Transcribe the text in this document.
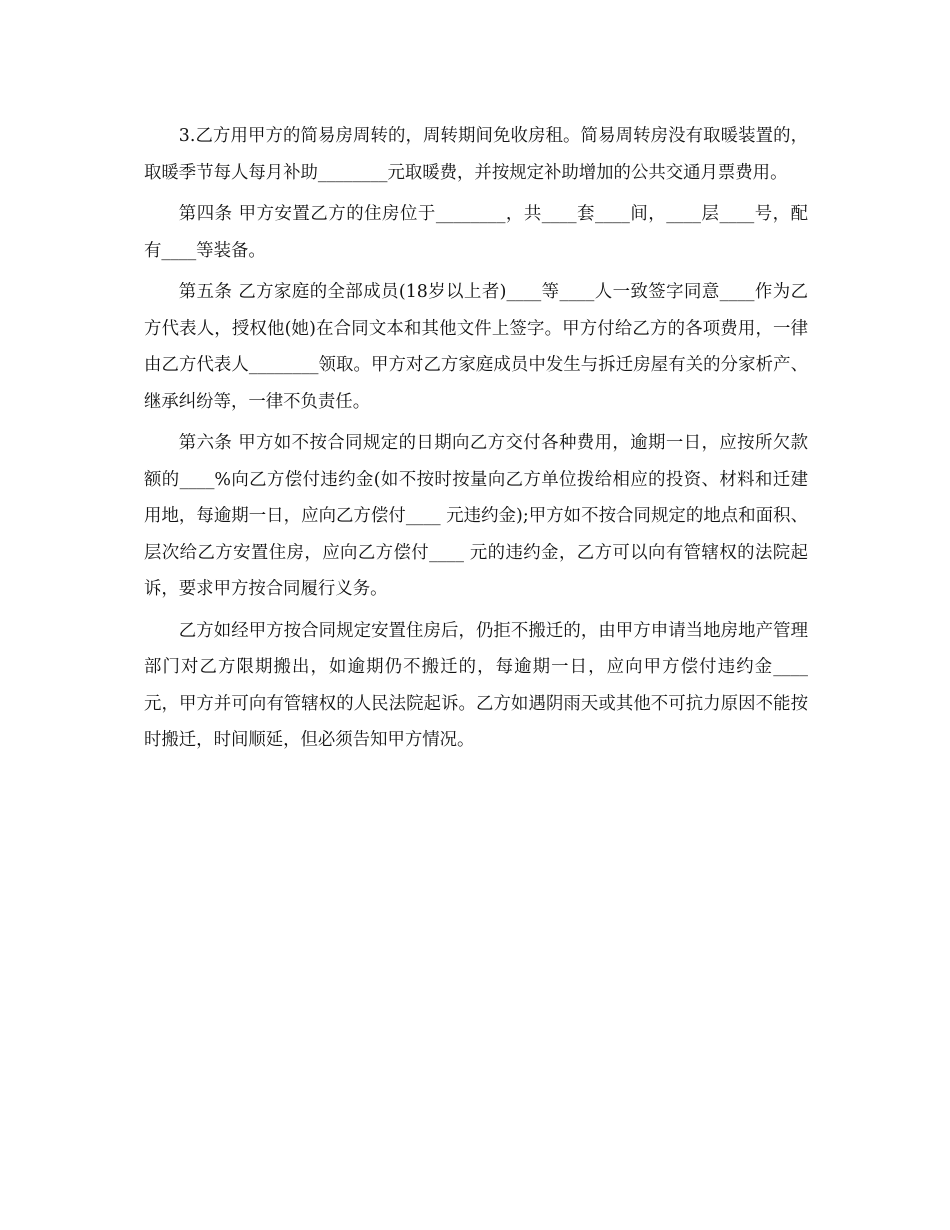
3.乙方用甲方的简易房周转的，周转期间免收房租。简易周转房没有取暖装置的，取暖季节每人每月补助________元取暖费，并按规定补助增加的公共交通月票费用。

第四条 甲方安置乙方的住房位于________，共____套____间，____层____号，配有____等装备。

第五条 乙方家庭的全部成员(18岁以上者)____等____人一致签字同意____作为乙方代表人，授权他(她)在合同文本和其他文件上签字。甲方付给乙方的各项费用，一律由乙方代表人________领取。甲方对乙方家庭成员中发生与拆迁房屋有关的分家析产、继承纠纷等，一律不负责任。

第六条 甲方如不按合同规定的日期向乙方交付各种费用，逾期一日，应按所欠款额的____%向乙方偿付违约金(如不按时按量向乙方单位拨给相应的投资、材料和迁建用地，每逾期一日，应向乙方偿付____ 元违约金);甲方如不按合同规定的地点和面积、层次给乙方安置住房，应向乙方偿付____ 元的违约金，乙方可以向有管辖权的法院起诉，要求甲方按合同履行义务。

乙方如经甲方按合同规定安置住房后，仍拒不搬迁的，由甲方申请当地房地产管理部门对乙方限期搬出，如逾期仍不搬迁的，每逾期一日，应向甲方偿付违约金____ 元，甲方并可向有管辖权的人民法院起诉。乙方如遇阴雨天或其他不可抗力原因不能按时搬迁，时间顺延，但必须告知甲方情况。
